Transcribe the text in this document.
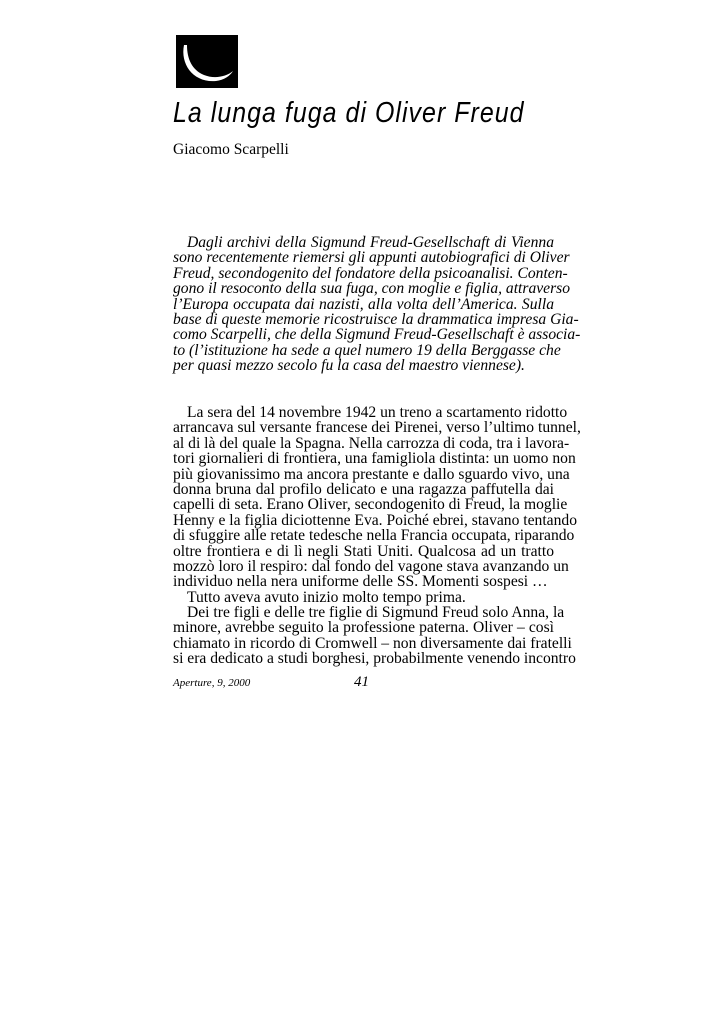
La lunga fuga di Oliver Freud
Giacomo Scarpelli
Dagli archivi della Sigmund Freud-Gesellschaft di Vienna
sono recentemente riemersi gli appunti autobiografici di Oliver
Freud, secondogenito del fondatore della psicoanalisi. Conten-
gono il resoconto della sua fuga, con moglie e figlia, attraverso
l’Europa occupata dai nazisti, alla volta dell’America. Sulla
base di queste memorie ricostruisce la drammatica impresa Gia-
como Scarpelli, che della Sigmund Freud-Gesellschaft è associa-
to (l’istituzione ha sede a quel numero 19 della Berggasse che
per quasi mezzo secolo fu la casa del maestro viennese).
La sera del 14 novembre 1942 un treno a scartamento ridotto
arrancava sul versante francese dei Pirenei, verso l’ultimo tunnel,
al di là del quale la Spagna. Nella carrozza di coda, tra i lavora-
tori giornalieri di frontiera, una famigliola distinta: un uomo non
più giovanissimo ma ancora prestante e dallo sguardo vivo, una
donna bruna dal profilo delicato e una ragazza paffutella dai
capelli di seta. Erano Oliver, secondogenito di Freud, la moglie
Henny e la figlia diciottenne Eva. Poiché ebrei, stavano tentando
di sfuggire alle retate tedesche nella Francia occupata, riparando
oltre frontiera e di lì negli Stati Uniti. Qualcosa ad un tratto
mozzò loro il respiro: dal fondo del vagone stava avanzando un
individuo nella nera uniforme delle SS. Momenti sospesi …
Tutto aveva avuto inizio molto tempo prima.
Dei tre figli e delle tre figlie di Sigmund Freud solo Anna, la
minore, avrebbe seguito la professione paterna. Oliver – così
chiamato in ricordo di Cromwell – non diversamente dai fratelli
si era dedicato a studi borghesi, probabilmente venendo incontro
Aperture, 9, 2000	41
